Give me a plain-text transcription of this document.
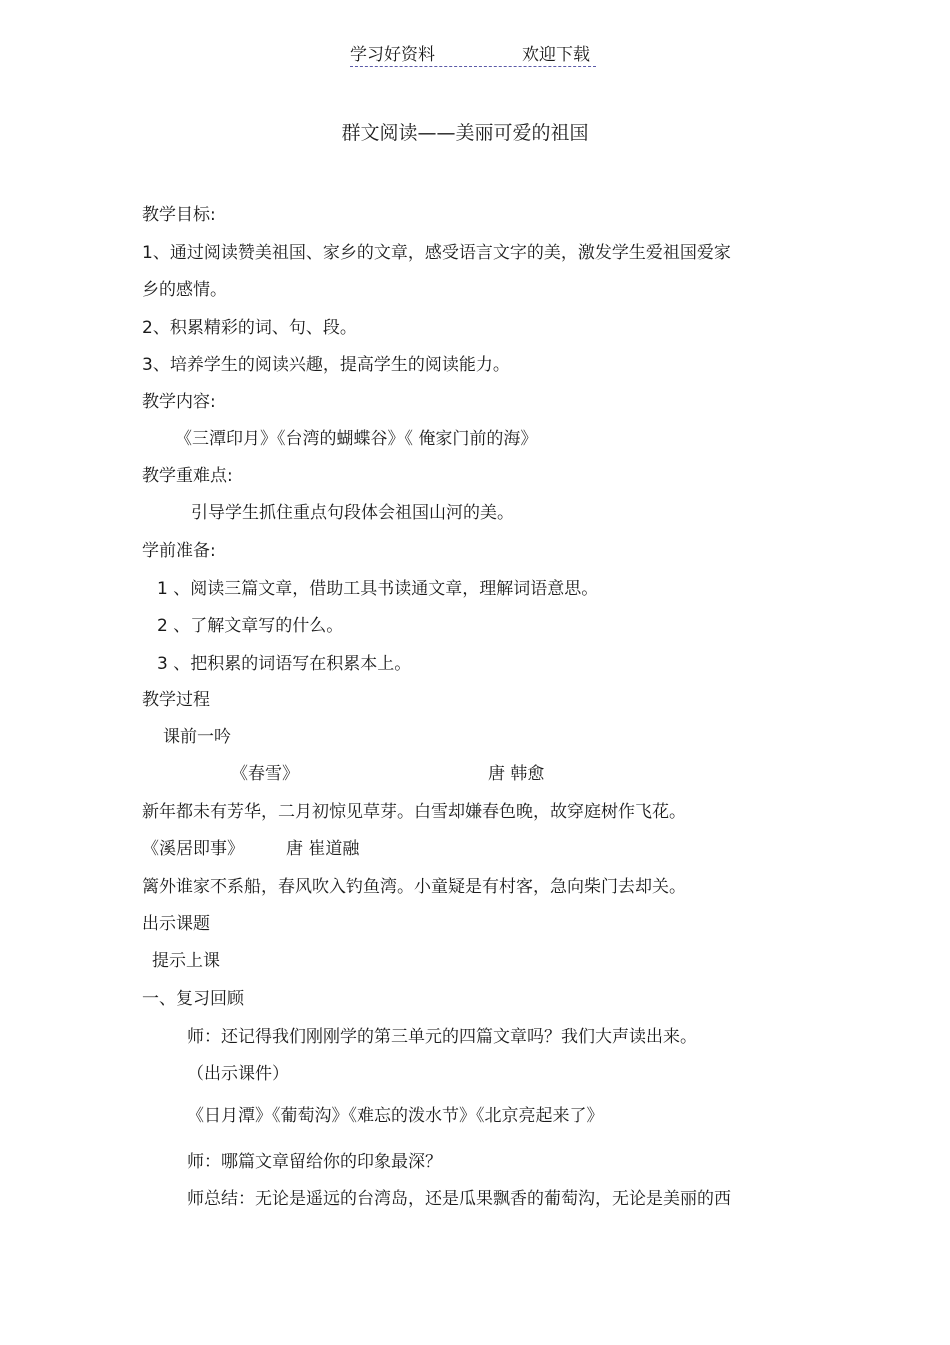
学习好资料	欢迎下载
群文阅读——美丽可爱的祖国
教学目标:
1、通过阅读赞美祖国、家乡的文章，感受语言文字的美，激发学生爱祖国爱家
乡的感情。
2、积累精彩的词、句、段。
3、培养学生的阅读兴趣，提高学生的阅读能力。
教学内容:
《三潭印月》《台湾的蝴蝶谷》《 俺家门前的海》
教学重难点:
引导学生抓住重点句段体会祖国山河的美。
学前准备:
1 、阅读三篇文章，借助工具书读通文章，理解词语意思。
2 、了解文章写的什么。
3 、把积累的词语写在积累本上。
教学过程
课前一吟
《春雪》	唐 韩愈
新年都未有芳华，二月初惊见草芽。白雪却嫌春色晚，故穿庭树作飞花。
《溪居即事》 唐 崔道融
篱外谁家不系船，春风吹入钓鱼湾。小童疑是有村客，急向柴门去却关。
出示课题
提示上课
一、复习回顾
师：还记得我们刚刚学的第三单元的四篇文章吗？我们大声读出来。
（出示课件）
《日月潭》《葡萄沟》《难忘的泼水节》《北京亮起来了》
师：哪篇文章留给你的印象最深？
师总结：无论是遥远的台湾岛，还是瓜果飘香的葡萄沟，无论是美丽的西
